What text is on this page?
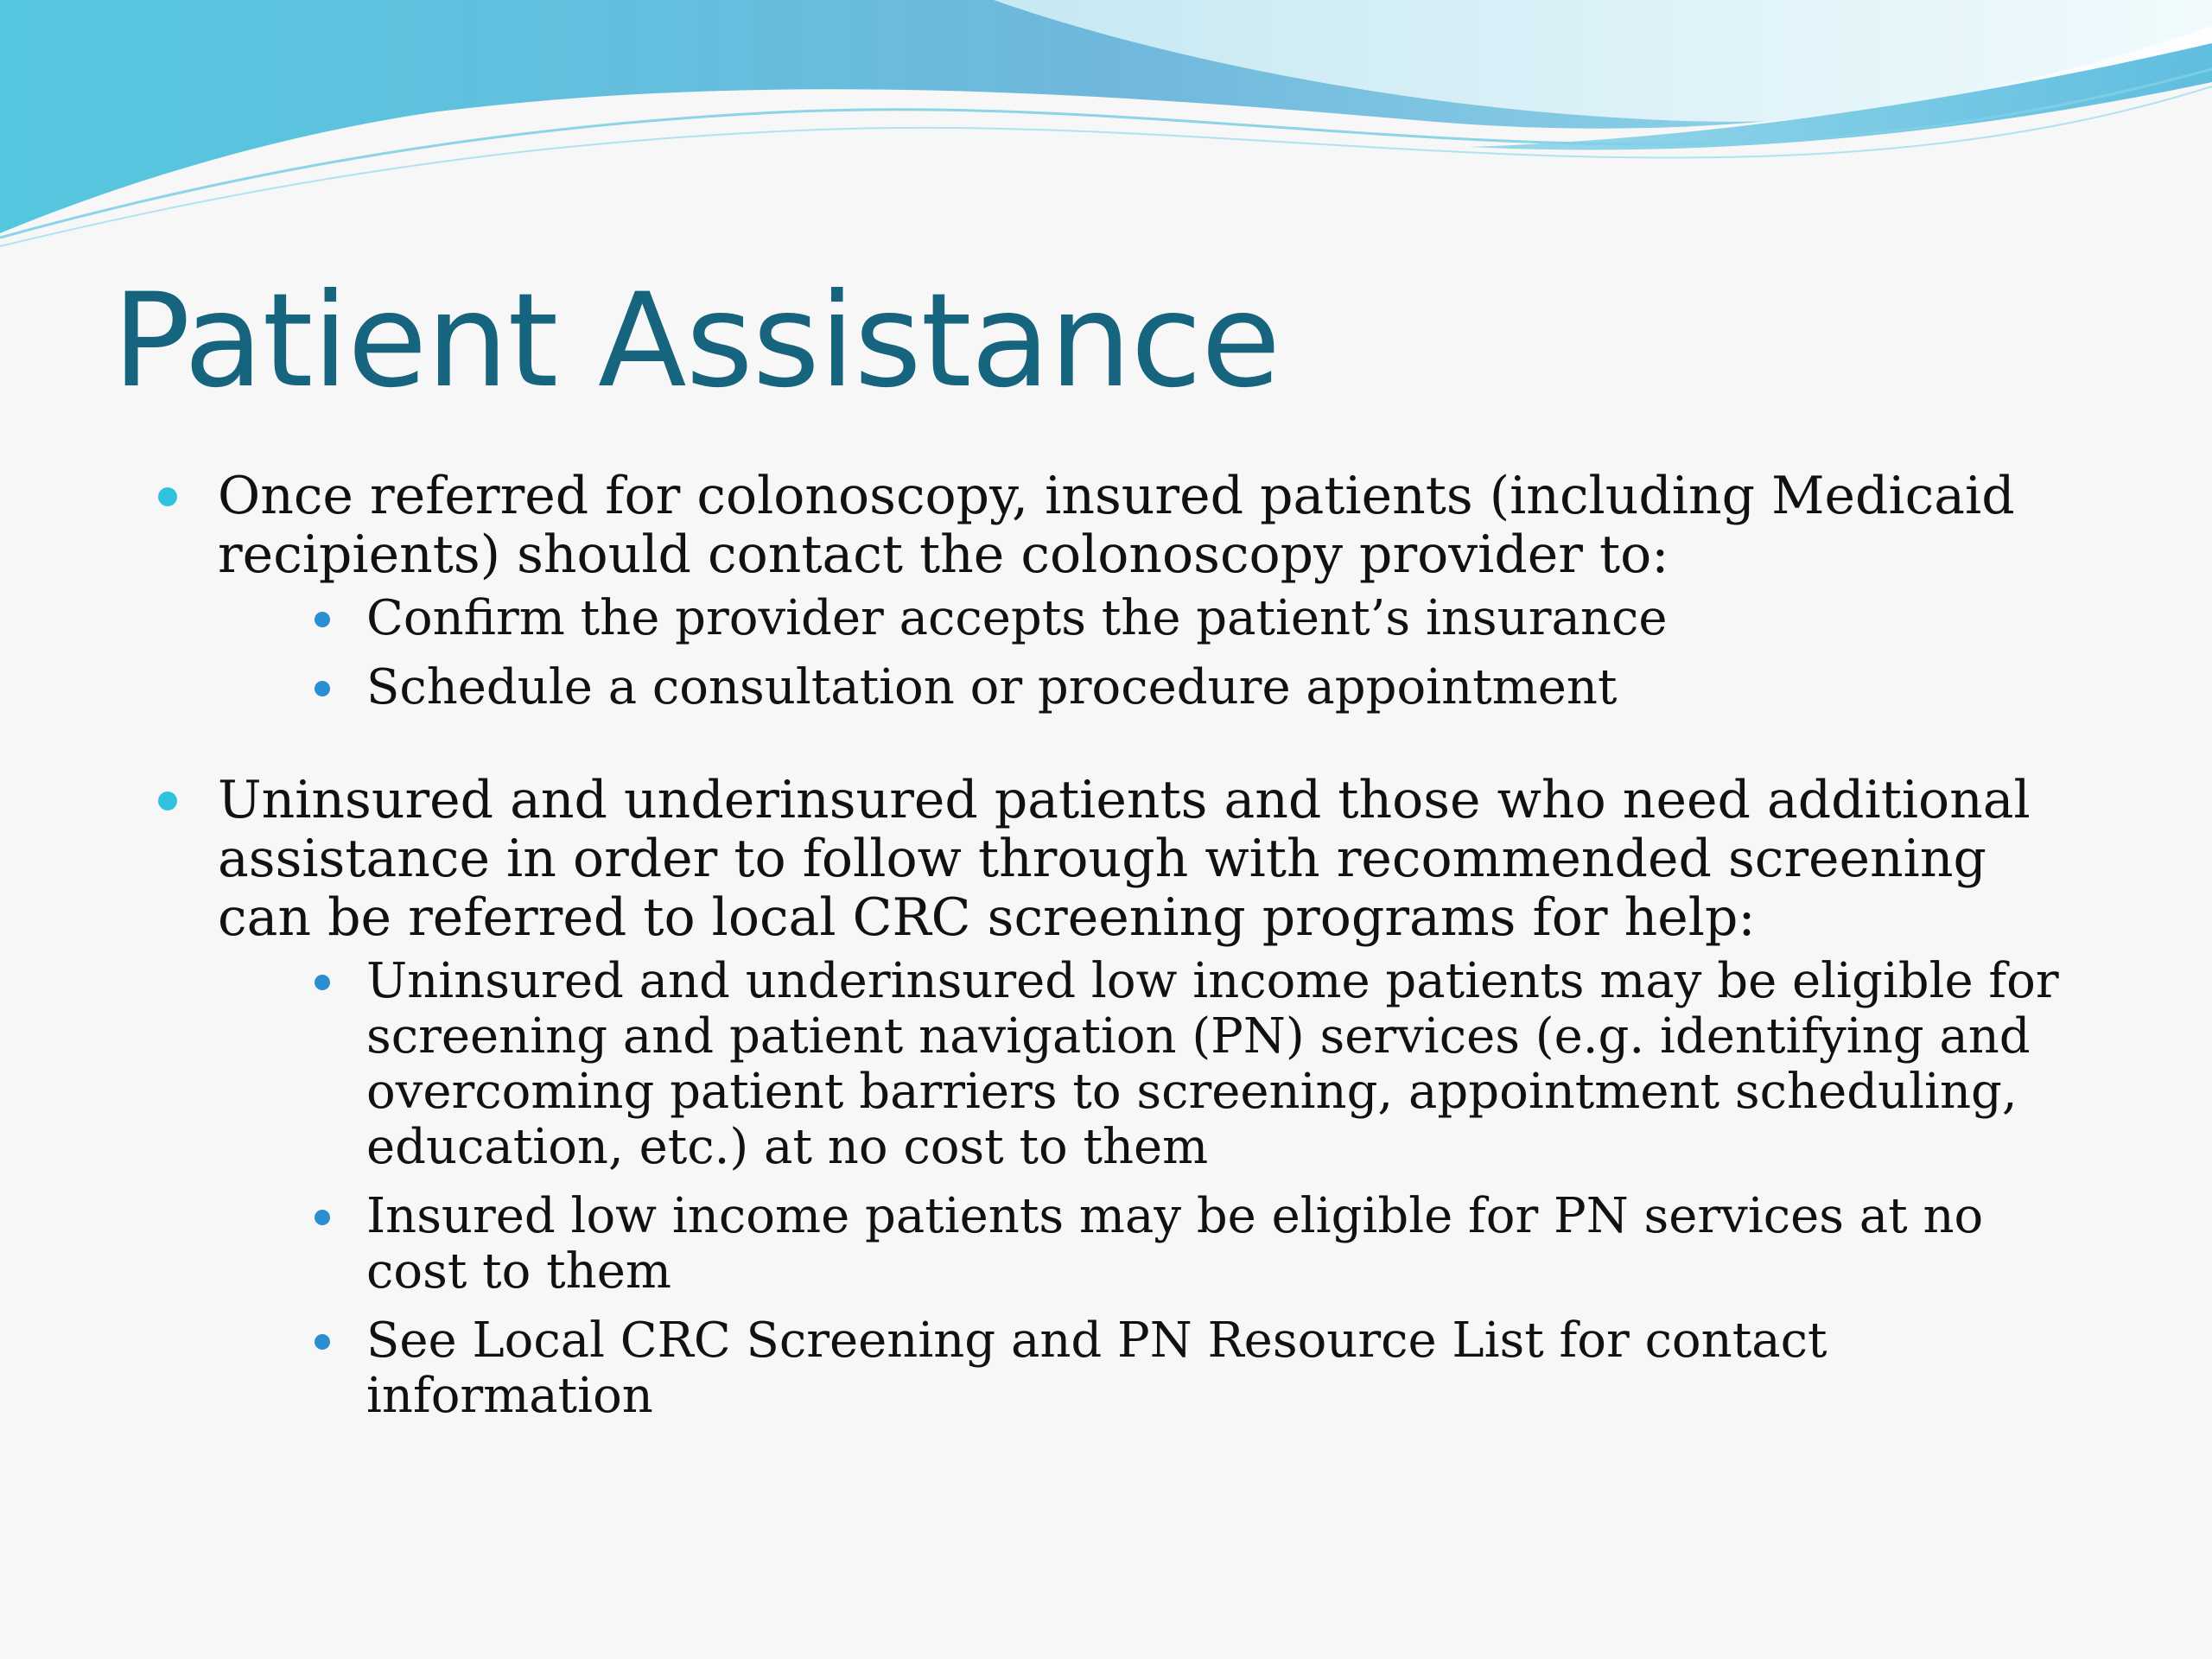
Patient Assistance
Once referred for colonoscopy, insured patients (including Medicaid recipients) should contact the colonoscopy provider to:
Confirm the provider accepts the patient’s insurance
Schedule a consultation or procedure appointment
Uninsured and underinsured patients and those who need additional assistance in order to follow through with recommended screening can be referred to local CRC screening programs for help:
Uninsured and underinsured low income patients may be eligible for screening and patient navigation (PN) services (e.g. identifying and overcoming patient barriers to screening, appointment scheduling, education, etc.) at no cost to them
Insured low income patients may be eligible for PN services at no cost to them
See Local CRC Screening and PN Resource List for contact information
